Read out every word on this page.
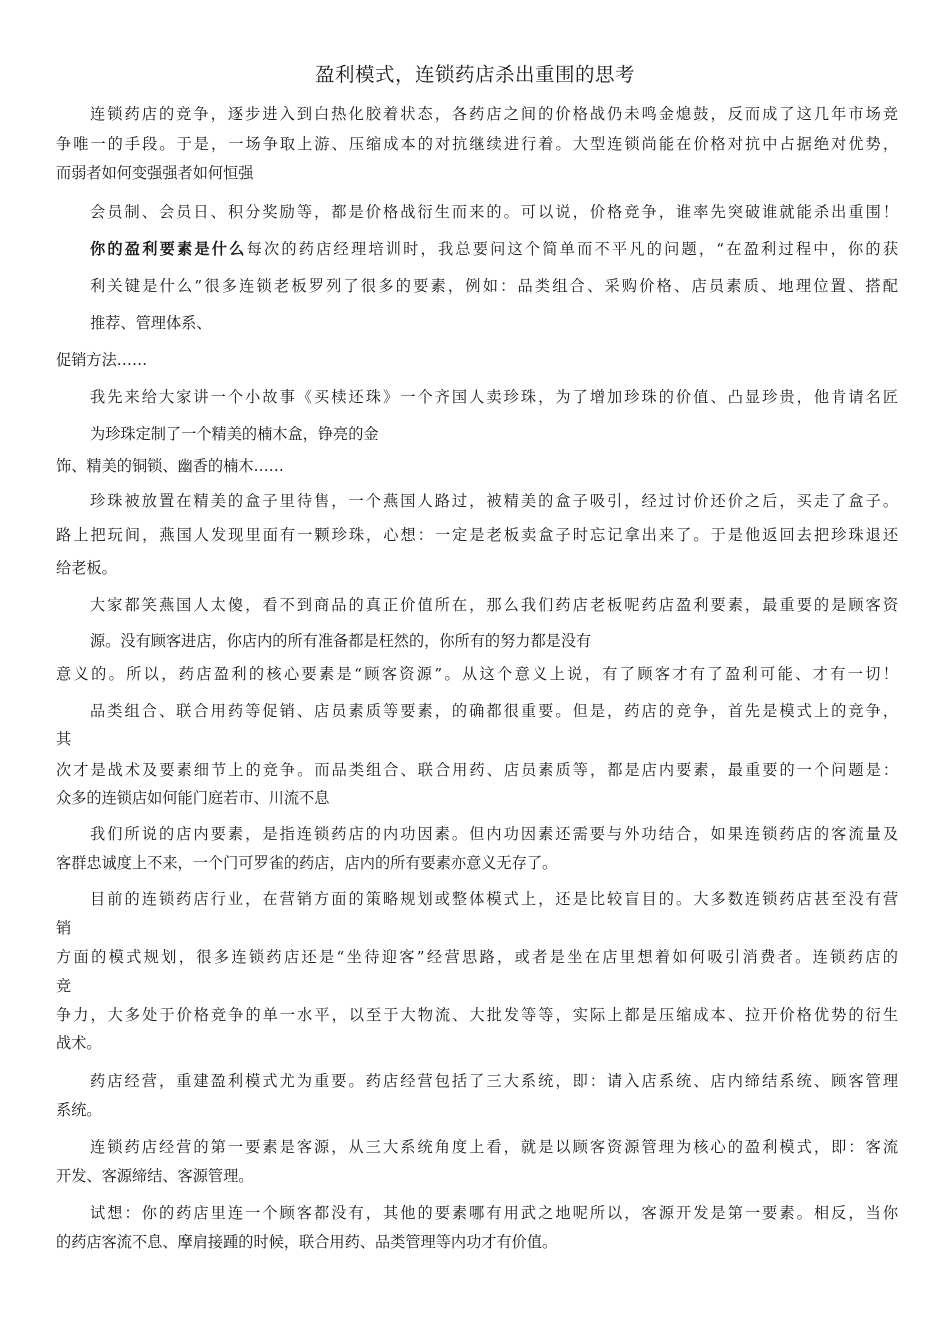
盈利模式，连锁药店杀出重围的思考
连锁药店的竞争，逐步进入到白热化胶着状态，各药店之间的价格战仍未鸣金熄鼓，反而成了这几年市场竞
争唯一的手段。于是，一场争取上游、压缩成本的对抗继续进行着。大型连锁尚能在价格对抗中占据绝对优势，
而弱者如何变强强者如何恒强
会员制、会员日、积分奖励等，都是价格战衍生而来的。可以说，价格竞争，谁率先突破谁就能杀出重围！
你的盈利要素是什么每次的药店经理培训时，我总要问这个简单而不平凡的问题，“在盈利过程中，你的获
利关键是什么”很多连锁老板罗列了很多的要素，例如：品类组合、采购价格、店员素质、地理位置、搭配
推荐、管理体系、
促销方法……
我先来给大家讲一个小故事《买椟还珠》一个齐国人卖珍珠，为了增加珍珠的价值、凸显珍贵，他肯请名匠
为珍珠定制了一个精美的楠木盒，铮亮的金
饰、精美的铜锁、幽香的楠木……
珍珠被放置在精美的盒子里待售，一个燕国人路过，被精美的盒子吸引，经过讨价还价之后，买走了盒子。
路上把玩间，燕国人发现里面有一颗珍珠，心想：一定是老板卖盒子时忘记拿出来了。于是他返回去把珍珠退还
给老板。
大家都笑燕国人太傻，看不到商品的真正价值所在，那么我们药店老板呢药店盈利要素，最重要的是顾客资
源。没有顾客进店，你店内的所有准备都是枉然的，你所有的努力都是没有
意义的。所以，药店盈利的核心要素是“顾客资源”。从这个意义上说，有了顾客才有了盈利可能、才有一切！
品类组合、联合用药等促销、店员素质等要素，的确都很重要。但是，药店的竞争，首先是模式上的竞争，
其
次才是战术及要素细节上的竞争。而品类组合、联合用药、店员素质等，都是店内要素，最重要的一个问题是：
众多的连锁店如何能门庭若市、川流不息
我们所说的店内要素，是指连锁药店的内功因素。但内功因素还需要与外功结合，如果连锁药店的客流量及
客群忠诚度上不来，一个门可罗雀的药店，店内的所有要素亦意义无存了。
目前的连锁药店行业，在营销方面的策略规划或整体模式上，还是比较盲目的。大多数连锁药店甚至没有营
销
方面的模式规划，很多连锁药店还是“坐待迎客”经营思路，或者是坐在店里想着如何吸引消费者。连锁药店的
竞
争力，大多处于价格竞争的单一水平，以至于大物流、大批发等等，实际上都是压缩成本、拉开价格优势的衍生
战术。
药店经营，重建盈利模式尤为重要。药店经营包括了三大系统，即：请入店系统、店内缔结系统、顾客管理
系统。
连锁药店经营的第一要素是客源，从三大系统角度上看，就是以顾客资源管理为核心的盈利模式，即：客流
开发、客源缔结、客源管理。
试想：你的药店里连一个顾客都没有，其他的要素哪有用武之地呢所以，客源开发是第一要素。相反，当你
的药店客流不息、摩肩接踵的时候，联合用药、品类管理等内功才有价值。
